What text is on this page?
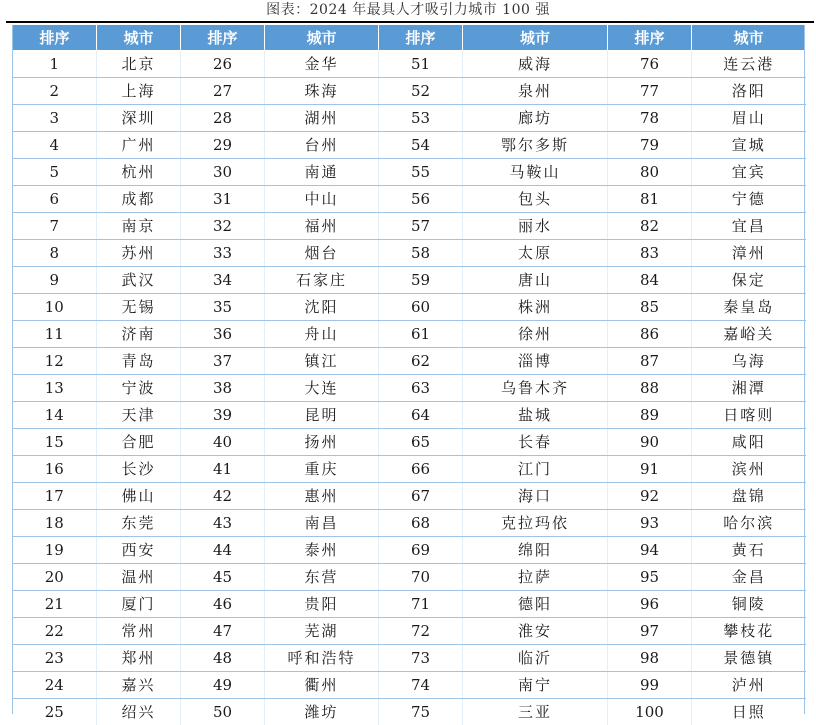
图表：2024 年最具人才吸引力城市 100 强
排序	城市	排序	城市	排序	城市	排序	城市
1	北京	26	金华	51	威海	76	连云港
2	上海	27	珠海	52	泉州	77	洛阳
3	深圳	28	湖州	53	廊坊	78	眉山
4	广州	29	台州	54	鄂尔多斯	79	宣城
5	杭州	30	南通	55	马鞍山	80	宜宾
6	成都	31	中山	56	包头	81	宁德
7	南京	32	福州	57	丽水	82	宜昌
8	苏州	33	烟台	58	太原	83	漳州
9	武汉	34	石家庄	59	唐山	84	保定
10	无锡	35	沈阳	60	株洲	85	秦皇岛
11	济南	36	舟山	61	徐州	86	嘉峪关
12	青岛	37	镇江	62	淄博	87	乌海
13	宁波	38	大连	63	乌鲁木齐	88	湘潭
14	天津	39	昆明	64	盐城	89	日喀则
15	合肥	40	扬州	65	长春	90	咸阳
16	长沙	41	重庆	66	江门	91	滨州
17	佛山	42	惠州	67	海口	92	盘锦
18	东莞	43	南昌	68	克拉玛依	93	哈尔滨
19	西安	44	泰州	69	绵阳	94	黄石
20	温州	45	东营	70	拉萨	95	金昌
21	厦门	46	贵阳	71	德阳	96	铜陵
22	常州	47	芜湖	72	淮安	97	攀枝花
23	郑州	48	呼和浩特	73	临沂	98	景德镇
24	嘉兴	49	衢州	74	南宁	99	泸州
25	绍兴	50	潍坊	75	三亚	100	日照
